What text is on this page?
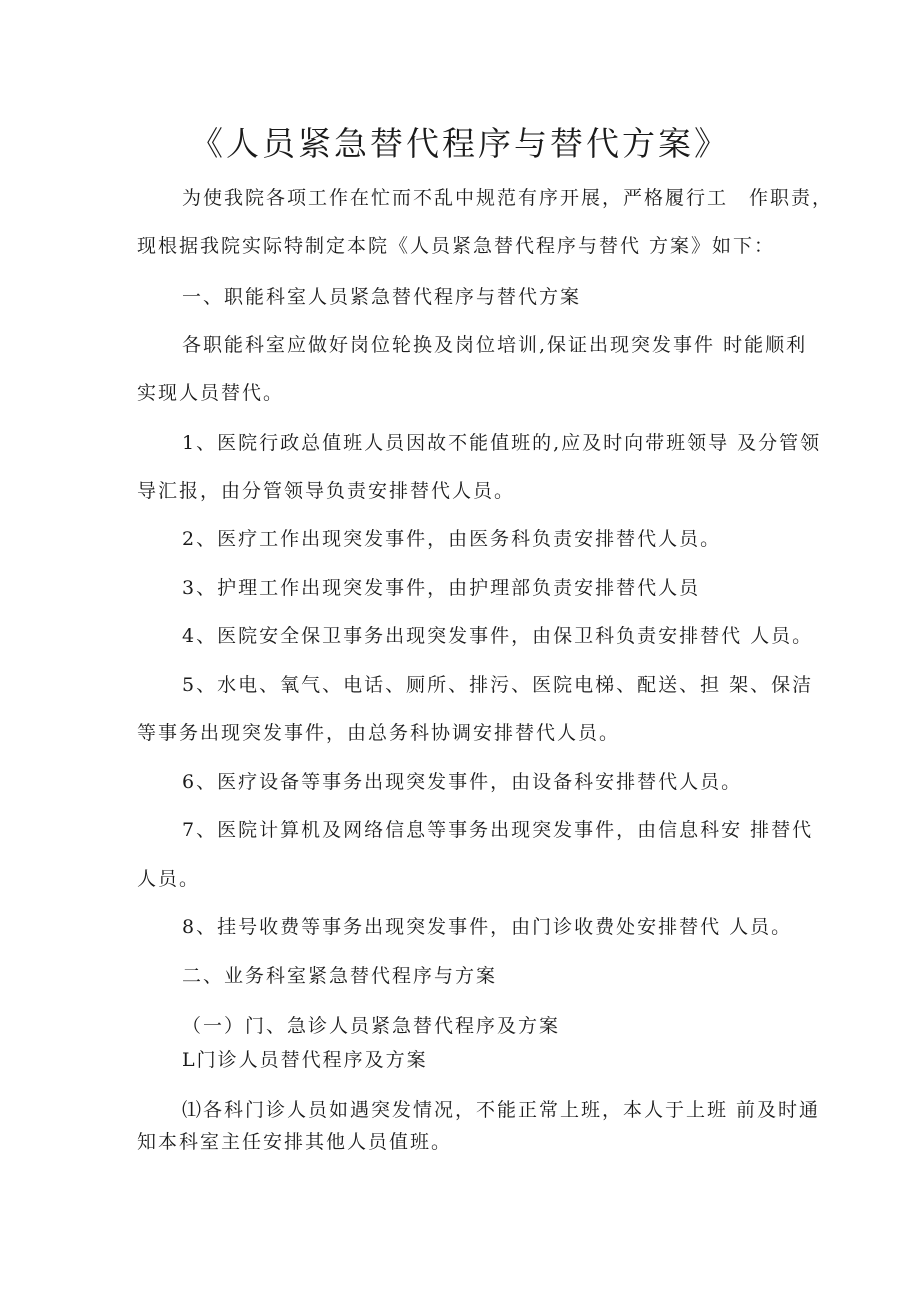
《人员紧急替代程序与替代方案》
为使我院各项工作在忙而不乱中规范有序开展，严格履行工　作职责，
现根据我院实际特制定本院《人员紧急替代程序与替代 方案》如下：
一、职能科室人员紧急替代程序与替代方案
各职能科室应做好岗位轮换及岗位培训,保证出现突发事件 时能顺利
实现人员替代。
1、医院行政总值班人员因故不能值班的,应及时向带班领导 及分管领
导汇报，由分管领导负责安排替代人员。
2、医疗工作出现突发事件，由医务科负责安排替代人员。
3、护理工作出现突发事件，由护理部负责安排替代人员
4、医院安全保卫事务出现突发事件，由保卫科负责安排替代 人员。
5、水电、氧气、电话、厕所、排污、医院电梯、配送、担 架、保洁
等事务出现突发事件，由总务科协调安排替代人员。
6、医疗设备等事务出现突发事件，由设备科安排替代人员。
7、医院计算机及网络信息等事务出现突发事件，由信息科安 排替代
人员。
8、挂号收费等事务出现突发事件，由门诊收费处安排替代 人员。
二、业务科室紧急替代程序与方案
（一）门、急诊人员紧急替代程序及方案
L门诊人员替代程序及方案
⑴各科门诊人员如遇突发情况，不能正常上班，本人于上班 前及时通
知本科室主任安排其他人员值班。
